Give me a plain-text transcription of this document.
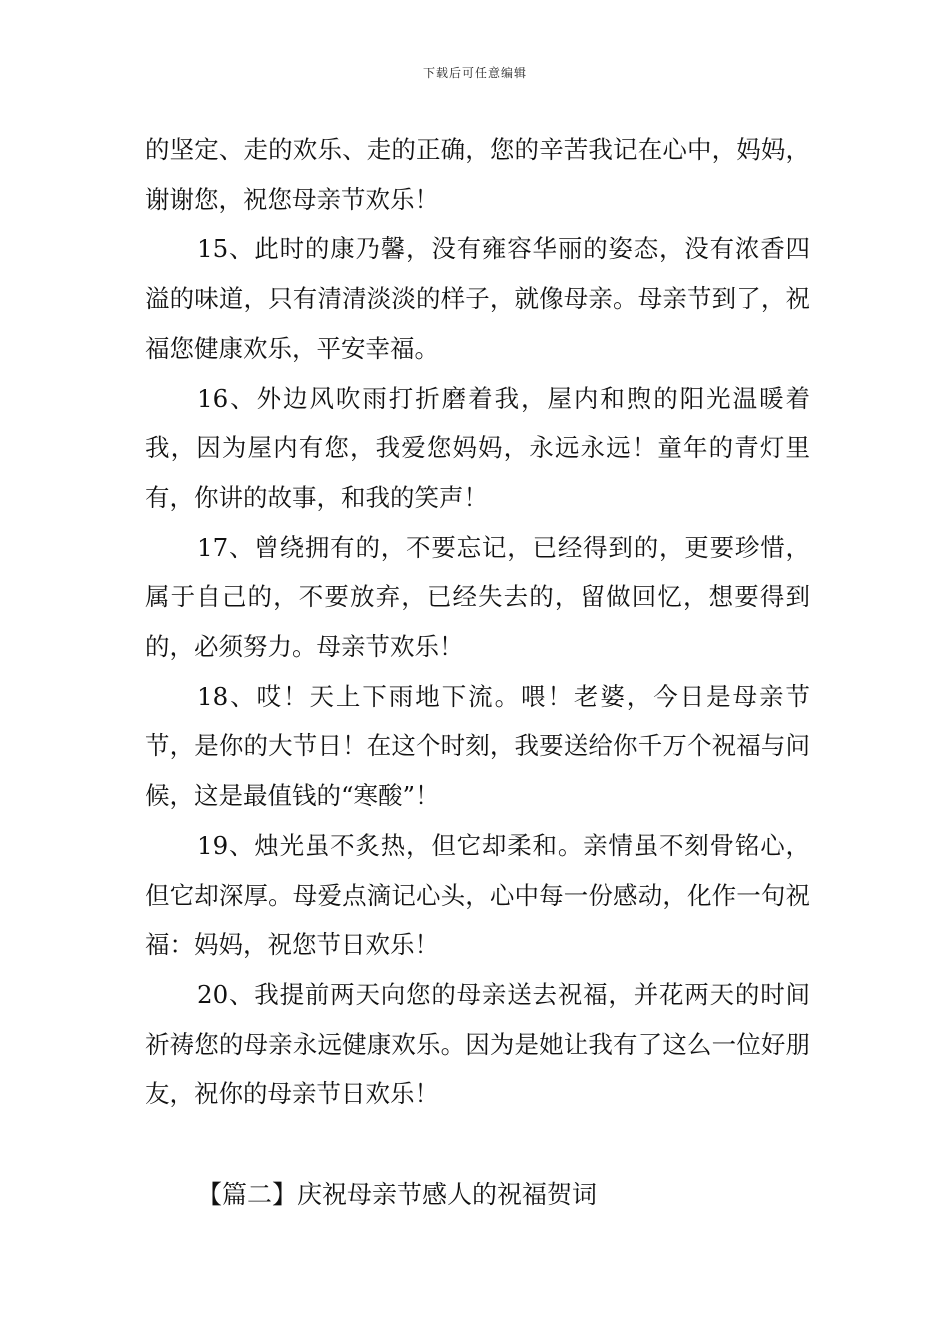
下载后可任意编辑

的坚定、走的欢乐、走的正确，您的辛苦我记在心中，妈妈，谢谢您，祝您母亲节欢乐！

15、此时的康乃馨，没有雍容华丽的姿态，没有浓香四溢的味道，只有清清淡淡的样子，就像母亲。母亲节到了，祝福您健康欢乐，平安幸福。

16、外边风吹雨打折磨着我，屋内和煦的阳光温暖着我，因为屋内有您，我爱您妈妈，永远永远！童年的青灯里有，你讲的故事，和我的笑声！

17、曾绕拥有的，不要忘记，已经得到的，更要珍惜，属于自己的，不要放弃，已经失去的，留做回忆，想要得到的，必须努力。母亲节欢乐！

18、哎！天上下雨地下流。喂！老婆，今日是母亲节节，是你的大节日！在这个时刻，我要送给你千万个祝福与问候，这是最值钱的“寒酸”！

19、烛光虽不炙热，但它却柔和。亲情虽不刻骨铭心，但它却深厚。母爱点滴记心头，心中每一份感动，化作一句祝福：妈妈，祝您节日欢乐！

20、我提前两天向您的母亲送去祝福，并花两天的时间祈祷您的母亲永远健康欢乐。因为是她让我有了这么一位好朋友，祝你的母亲节日欢乐！

【篇二】庆祝母亲节感人的祝福贺词
